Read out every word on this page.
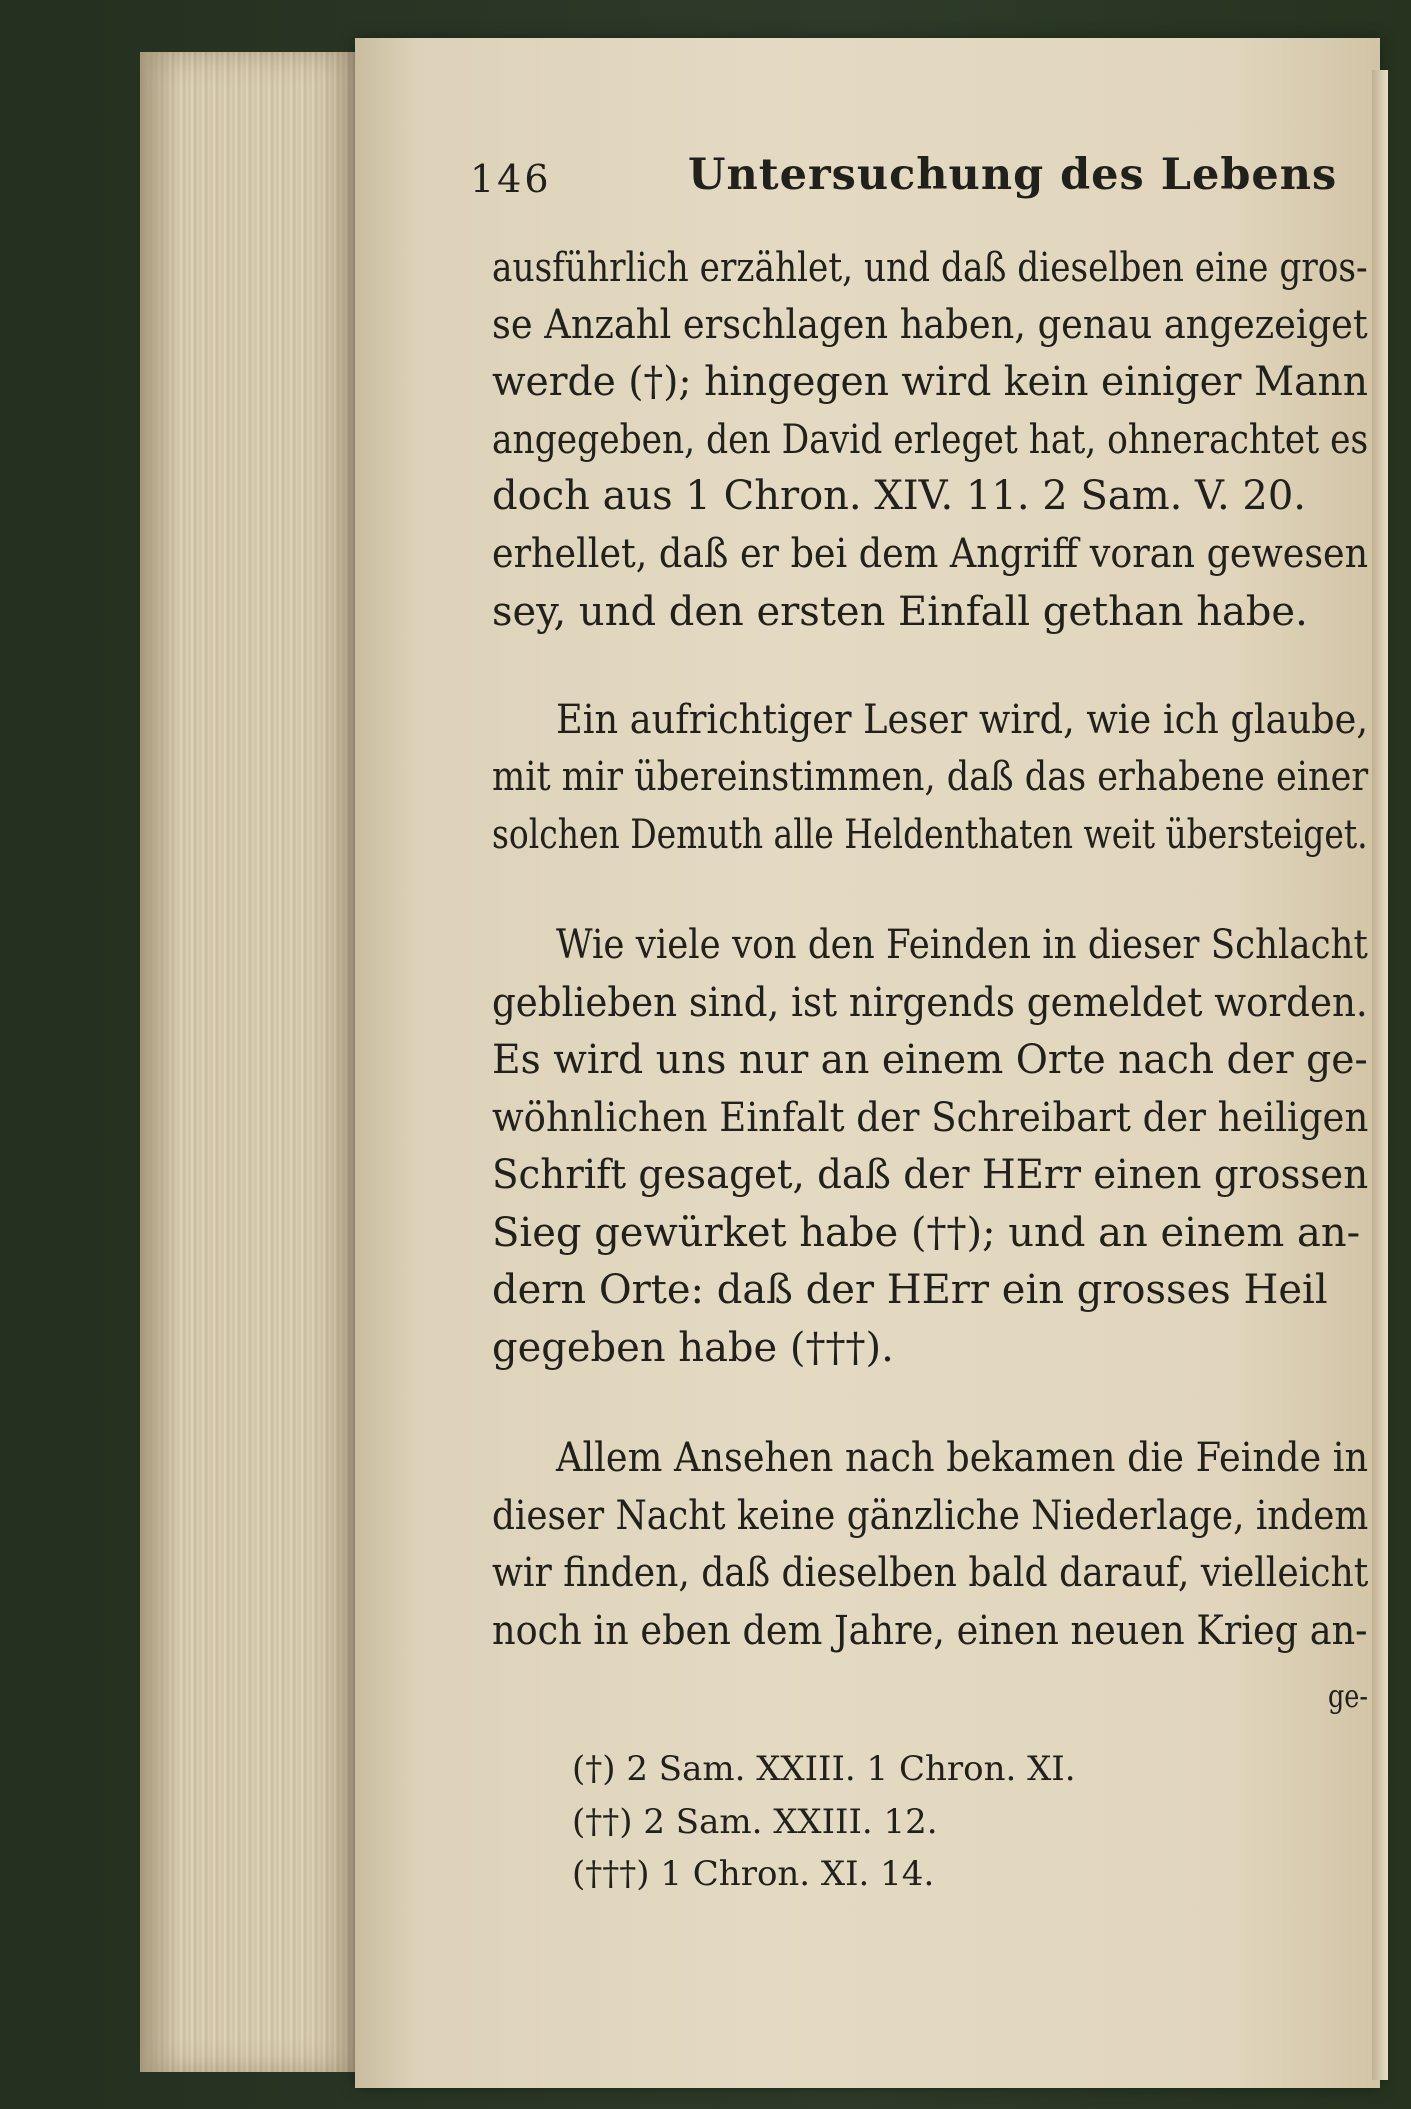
146	Untersuchung des Lebens
ausführlich erzählet, und daß dieselben eine gros-
se Anzahl erschlagen haben, genau angezeiget
werde (†); hingegen wird kein einiger Mann
angegeben, den David erleget hat, ohnerachtet es
doch aus 1 Chron. XIV. 11. 2 Sam. V. 20.
erhellet, daß er bei dem Angriff voran gewesen
sey, und den ersten Einfall gethan habe.
Ein aufrichtiger Leser wird, wie ich glaube,
mit mir übereinstimmen, daß das erhabene einer
solchen Demuth alle Heldenthaten weit übersteiget.
Wie viele von den Feinden in dieser Schlacht
geblieben sind, ist nirgends gemeldet worden.
Es wird uns nur an einem Orte nach der ge-
wöhnlichen Einfalt der Schreibart der heiligen
Schrift gesaget, daß der HErr einen grossen
Sieg gewürket habe (††); und an einem an-
dern Orte: daß der HErr ein grosses Heil
gegeben habe (†††).
Allem Ansehen nach bekamen die Feinde in
dieser Nacht keine gänzliche Niederlage, indem
wir finden, daß dieselben bald darauf, vielleicht
noch in eben dem Jahre, einen neuen Krieg an-
ge-
(†) 2 Sam. XXIII. 1 Chron. XI.
(††) 2 Sam. XXIII. 12.
(†††) 1 Chron. XI. 14.
